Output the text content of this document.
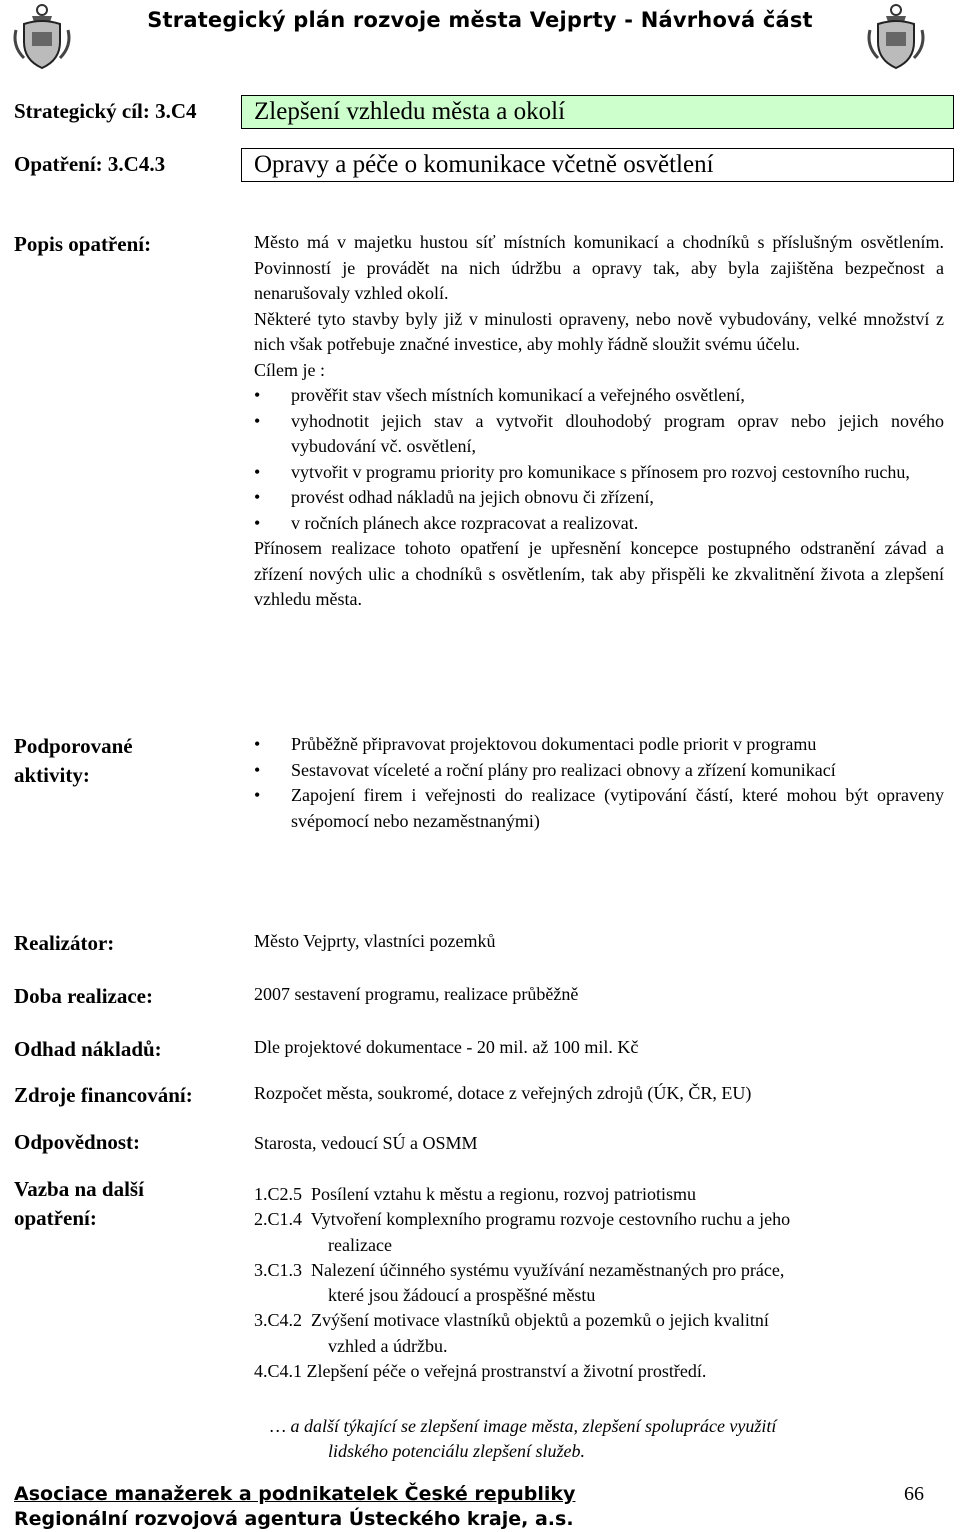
Strategický plán rozvoje města Vejprty - Návrhová část
Strategický cíl: 3.C4	Zlepšení vzhledu města a okolí
Opatření: 3.C4.3	Opravy a péče o komunikace včetně osvětlení
Popis opatření:	Město má v majetku hustou síť místních komunikací a chodníků s příslušným osvětlením. Povinností je provádět na nich údržbu a opravy tak, aby byla zajištěna bezpečnost a nenarušovaly vzhled okolí.

Některé tyto stavby byly již v minulosti opraveny, nebo nově vybudovány, velké množství z nich však potřebuje značné investice, aby mohly řádně sloužit svému účelu.

Cílem je :

• prověřit stav všech místních komunikací a veřejného osvětlení,
• vyhodnotit jejich stav a vytvořit dlouhodobý program oprav nebo jejich nového vybudování vč. osvětlení,
• vytvořit v programu priority pro komunikace s přínosem pro rozvoj cestovního ruchu,
• provést odhad nákladů na jejich obnovu či zřízení,
• v ročních plánech akce rozpracovat a realizovat.

Přínosem realizace tohoto opatření je upřesnění koncepce postupného odstranění závad a zřízení nových ulic a chodníků s osvětlením, tak aby přispěli ke zkvalitnění života a zlepšení vzhledu města.

Podporované
aktivity:
• Průběžně připravovat projektovou dokumentaci podle priorit v programu
• Sestavovat víceleté a roční plány pro realizaci obnovy a zřízení komunikací
• Zapojení firem i veřejnosti do realizace (vytipování částí, které mohou být opraveny svépomocí nebo nezaměstnanými)
Realizátor:	Město Vejprty, vlastníci pozemků
Doba realizace:	2007 sestavení programu, realizace průběžně
Odhad nákladů:	Dle projektové dokumentace - 20 mil. až 100 mil. Kč
Zdroje financování:	Rozpočet města, soukromé, dotace z veřejných zdrojů (ÚK, ČR, EU)
Odpovědnost:	Starosta, vedoucí SÚ a OSMM
Vazba na další
opatření:
1.C2.5 Posílení vztahu k městu a regionu, rozvoj patriotismu
2.C1.4 Vytvoření komplexního programu rozvoje cestovního ruchu a jeho
realizace
3.C1.3 Nalezení účinného systému využívání nezaměstnaných pro práce,
které jsou žádoucí a prospěšné městu
3.C4.2 Zvýšení motivace vlastníků objektů a pozemků o jejich kvalitní
vzhled a údržbu.
4.C4.1 Zlepšení péče o veřejná prostranství a životní prostředí.
… a další týkající se zlepšení image města, zlepšení spolupráce využití
lidského potenciálu zlepšení služeb.
Asociace manažerek a podnikatelek České republiky
Regionální rozvojová agentura Ústeckého kraje, a.s.
66
